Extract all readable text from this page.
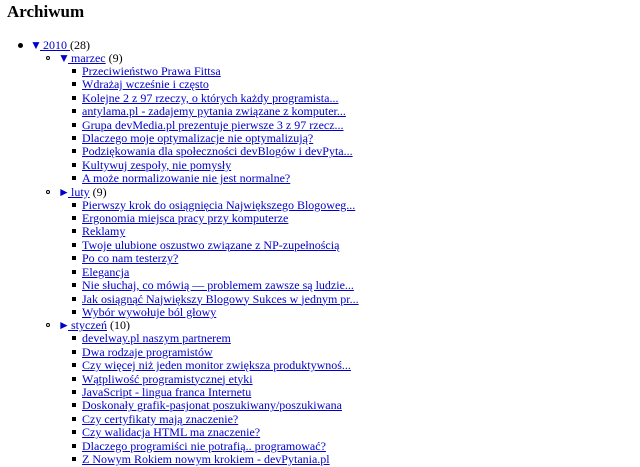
Archiwum
▼ 2010 (28)
▼ marzec (9)
Przeciwieństwo Prawa Fittsa
Wdrażaj wcześnie i często
Kolejne 2 z 97 rzeczy, o których każdy programista...
antylama.pl - zadajemy pytania związane z komputer...
Grupa devMedia.pl prezentuje pierwsze 3 z 97 rzecz...
Dlaczego moje optymalizacje nie optymalizują?
Podziękowania dla społeczności devBlogów i devPyta...
Kultywuj zespoły, nie pomysły
A może normalizowanie nie jest normalne?
► luty (9)
Pierwszy krok do osiągnięcia Największego Blogoweg...
Ergonomia miejsca pracy przy komputerze
Reklamy
Twoje ulubione oszustwo związane z NP-zupełnością
Po co nam testerzy?
Elegancja
Nie słuchaj, co mówią — problemem zawsze są ludzie...
Jak osiągnąć Największy Blogowy Sukces w jednym pr...
Wybór wywołuje ból głowy
► styczeń (10)
develway.pl naszym partnerem
Dwa rodzaje programistów
Czy więcej niż jeden monitor zwiększa produktywnoś...
Wątpliwość programistycznej etyki
JavaScript - lingua franca Internetu
Doskonały grafik-pasjonat poszukiwany/poszukiwana
Czy certyfikaty mają znaczenie?
Czy walidacja HTML ma znaczenie?
Dlaczego programiści nie potrafią.. programować?
Z Nowym Rokiem nowym krokiem - devPytania.pl
